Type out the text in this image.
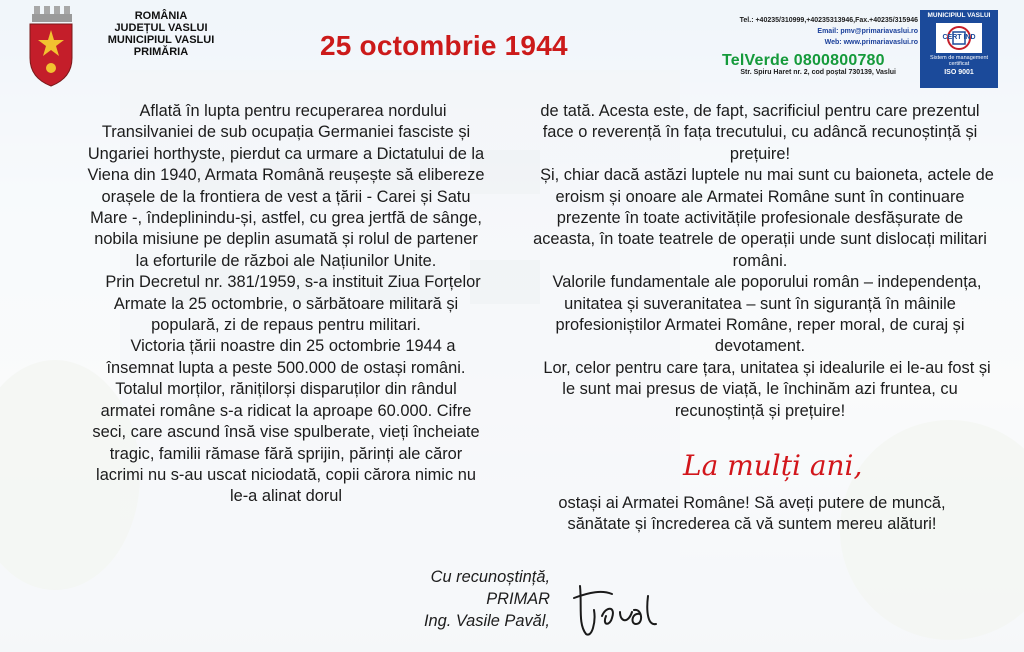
ROMÂNIA
JUDEȚUL VASLUI
MUNICIPIUL VASLUI
PRIMĂRIA	25 octombrie 1944
Tel.: +40235/310999,+40235313946,Fax.+40235/315946
Email: pmv@primariavaslui.ro
Web: www.primariavaslui.ro
TelVerde 0800800780
Str. Spiru Haret nr. 2, cod poștal 730139, Vaslui
MUNICIPIUL VASLUI
CERT IND
Sistem de management certificat
ISO 9001

Aflată în lupta pentru recuperarea nordului Transilvaniei de sub ocupația Germaniei fasciste și Ungariei horthyste, pierdut ca urmare a Dictatului de la Viena din 1940, Armata Română reușește să elibereze orașele de la frontiera de vest a țării - Carei și Satu Mare -, îndeplinindu-și, astfel, cu grea jertfă de sânge, nobila misiune pe deplin asumată și rolul de partener la eforturile de război ale Națiunilor Unite.

Prin Decretul nr. 381/1959, s-a instituit Ziua Forțelor Armate la 25 octombrie, o sărbătoare militară și populară, zi de repaus pentru militari.

Victoria țării noastre din 25 octombrie 1944 a însemnat lupta a peste 500.000 de ostași români. Totalul morților, rănițilorși disparuților din rândul armatei române s-a ridicat la aproape 60.000. Cifre seci, care ascund însă vise spulberate, vieți încheiate tragic, familii rămase fără sprijin, părinți ale căror lacrimi nu s-au uscat niciodată, copii cărora nimic nu le-a alinat dorul

de tată. Acesta este, de fapt, sacrificiul pentru care prezentul face o reverență în fața trecutului, cu adâncă recunoștință și prețuire!

Și, chiar dacă astăzi luptele nu mai sunt cu baionetа, actele de eroism și onoare ale Armatei Române sunt în continuare prezente în toate activitățile profesionale desfășurate de aceasta, în toate teatrele de operații unde sunt dislocați militari români.

Valorile fundamentale ale poporului român – independența, unitatea și suveranitatea – sunt în siguranță în mâinile profesioniștilor Armatei Române, reper moral, de curaj și devotament.

Lor, celor pentru care țara, unitatea și idealurile ei le-au fost și le sunt mai presus de viață, le închinăm azi fruntea, cu recunoștință și prețuire!

La mulți ani,
ostași ai Armatei Române! Să aveți putere de muncă, sănătate și încrederea că vă suntem mereu alături!
Cu recunoștință,
PRIMAR
Ing. Vasile Pavăl,
